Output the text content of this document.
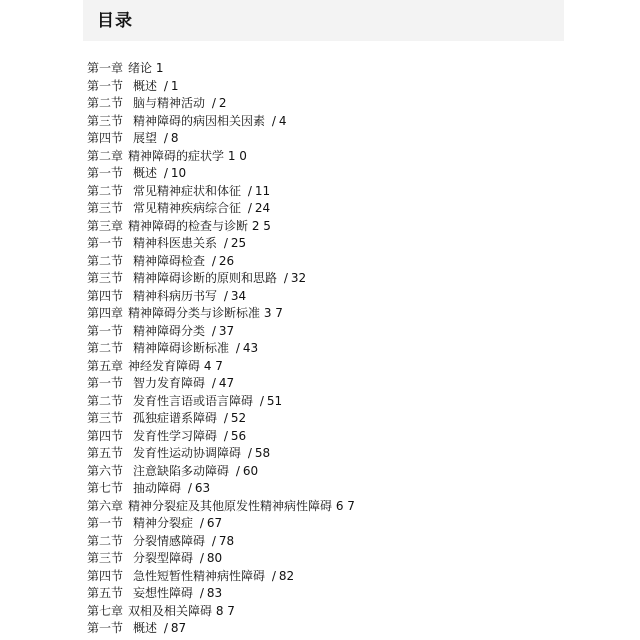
目录
第一章 绪论 1
第一节 概述 / 1
第二节 脑与精神活动 / 2
第三节 精神障碍的病因相关因素 / 4
第四节 展望 / 8
第二章 精神障碍的症状学 1 0
第一节 概述 / 10
第二节 常见精神症状和体征 / 11
第三节 常见精神疾病综合征 / 24
第三章 精神障碍的检查与诊断 2 5
第一节 精神科医患关系 / 25
第二节 精神障碍检查 / 26
第三节 精神障碍诊断的原则和思路 / 32
第四节 精神科病历书写 / 34
第四章 精神障碍分类与诊断标准 3 7
第一节 精神障碍分类 / 37
第二节 精神障碍诊断标准 / 43
第五章 神经发育障碍 4 7
第一节 智力发育障碍 / 47
第二节 发育性言语或语言障碍 / 51
第三节 孤独症谱系障碍 / 52
第四节 发育性学习障碍 / 56
第五节 发育性运动协调障碍 / 58
第六节 注意缺陷多动障碍 / 60
第七节 抽动障碍 / 63
第六章 精神分裂症及其他原发性精神病性障碍 6 7
第一节 精神分裂症 / 67
第二节 分裂情感障碍 / 78
第三节 分裂型障碍 / 80
第四节 急性短暂性精神病性障碍 / 82
第五节 妄想性障碍 / 83
第七章 双相及相关障碍 8 7
第一节 概述 / 87
